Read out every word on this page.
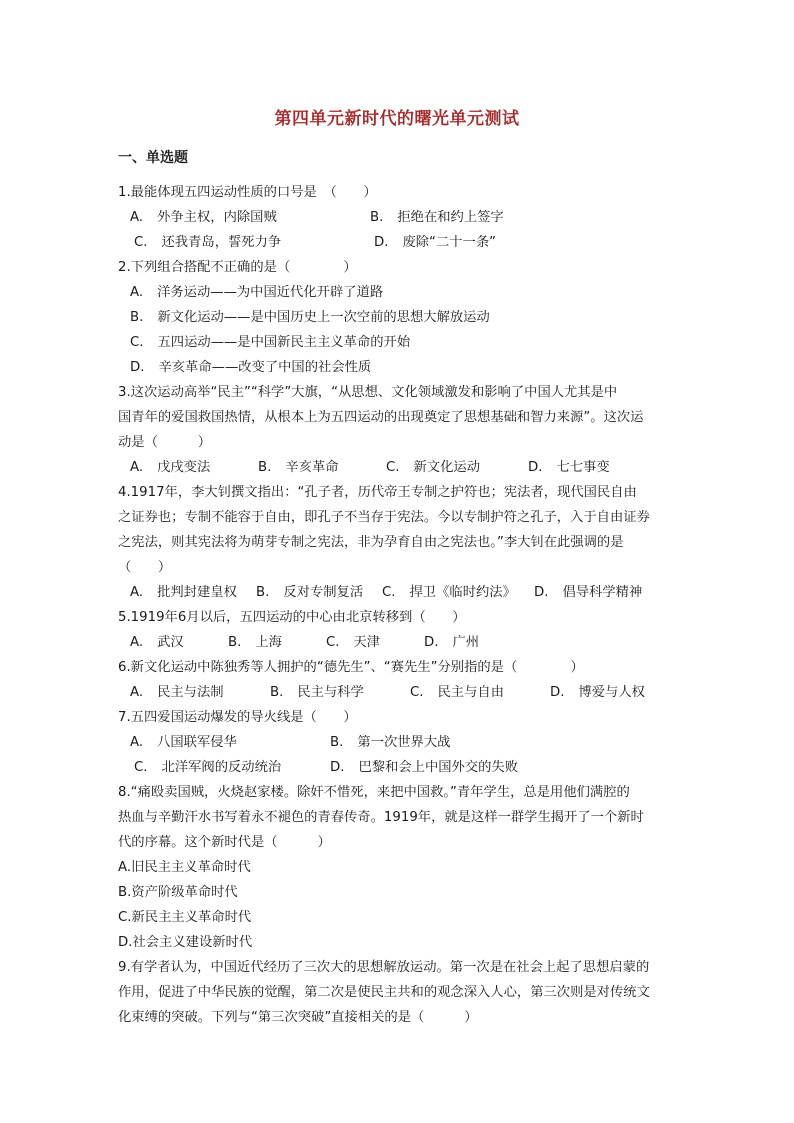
第四单元新时代的曙光单元测试
一、单选题

1.最能体现五四运动性质的口号是　（　　）

A. 外争主权，内除国贼	B. 拒绝在和约上签字
C. 还我青岛，誓死力争	D. 废除“二十一条”

2.下列组合搭配不正确的是（　　　　）

A. 洋务运动——为中国近代化开辟了道路
B. 新文化运动——是中国历史上一次空前的思想大解放运动
C. 五四运动——是中国新民主主义革命的开始
D. 辛亥革命——改变了中国的社会性质

3.这次运动高举“民主”“科学”大旗，“从思想、文化领域激发和影响了中国人尤其是中

国青年的爱国救国热情，从根本上为五四运动的出现奠定了思想基础和智力来源”。这次运

动是（　　　）

A. 戊戌变法	B. 辛亥革命	C. 新文化运动	D. 七七事变

4.1917年，李大钊撰文指出：“孔子者，历代帝王专制之护符也；宪法者，现代国民自由

之证券也；专制不能容于自由，即孔子不当存于宪法。今以专制护符之孔子，入于自由证券

之宪法，则其宪法将为萌芽专制之宪法，非为孕育自由之宪法也。”李大钊在此强调的是

（　　）

A. 批判封建皇权	B. 反对专制复活	C. 捍卫《临时约法》	D. 倡导科学精神

5.1919年6月以后，五四运动的中心由北京转移到（　　）

A. 武汉	B. 上海	C. 天津	D. 广州

6.新文化运动中陈独秀等人拥护的“德先生”、“赛先生”分别指的是（　　　　）

A. 民主与法制	B. 民主与科学	C. 民主与自由	D. 博爱与人权

7.五四爱国运动爆发的导火线是（　　）

A. 八国联军侵华	B. 第一次世界大战
C. 北洋军阀的反动统治	D. 巴黎和会上中国外交的失败

8.“痛殴卖国贼，火烧赵家楼。除奸不惜死，来把中国救。”青年学生，总是用他们满腔的

热血与辛勤汗水书写着永不褪色的青春传奇。1919年，就是这样一群学生揭开了一个新时

代的序幕。这个新时代是（　　　）

A.旧民主主义革命时代
B.资产阶级革命时代
C.新民主主义革命时代
D.社会主义建设新时代

9.有学者认为，中国近代经历了三次大的思想解放运动。第一次是在社会上起了思想启蒙的

作用，促进了中华民族的觉醒，第二次是使民主共和的观念深入人心，第三次则是对传统文

化束缚的突破。下列与“第三次突破”直接相关的是（　　　）
